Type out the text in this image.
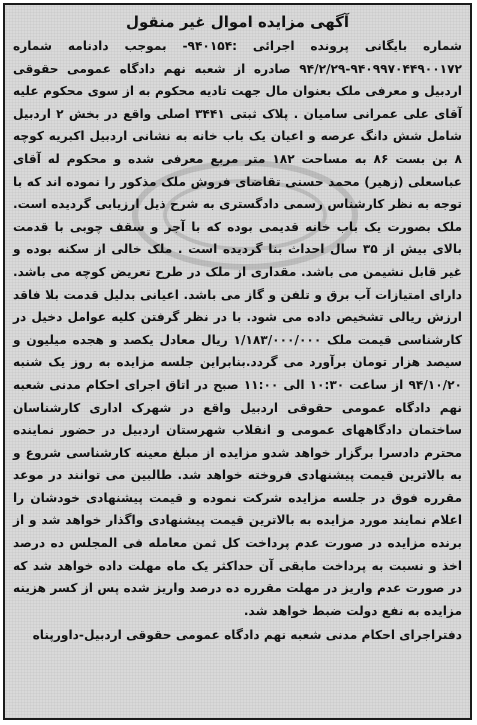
آگهی مزایده اموال غیر منقول

شماره بایگانی پرونده اجرائی :۹۴۰۱۵۴- بموجب دادنامه شماره ۹۴۰۹۹۷۰۴۴۹۰۰۱۷۲-۹۴/۲/۲۹ صادره از شعبه نهم دادگاه عمومی حقوقی اردبیل و معرفی ملک بعنوان مال جهت تادیه محکوم به از سوی محکوم علیه آقای علی عمرانی سامیان . پلاک ثبتی ۳۴۴۱ اصلی واقع در بخش ۲ اردبیل شامل شش دانگ عرصه و اعیان یک باب خانه به نشانی اردبیل اکبریه کوچه ۸ بن بست ۸۶ به مساحت ۱۸۲ متر مربع معرفی شده و محکوم له آقای عباسعلی (زهیر) محمد حسنی تقاضای فروش ملک مذکور را نموده اند که با توجه به نظر کارشناس رسمی دادگستری به شرح ذیل ارزیابی گردیده است. ملک بصورت یک باب خانه قدیمی بوده که با آجر و سقف چوبی با قدمت بالای بیش از ۳۵ سال احداث بنا گردیده است . ملک خالی از سکنه بوده و غیر قابل نشیمن می باشد. مقداری از ملک در طرح تعریض کوچه می باشد. دارای امتیازات آب برق و تلفن و گاز می باشد. اعیانی بدلیل قدمت بلا فاقد ارزش ریالی تشخیص داده می شود. با در نظر گرفتن کلیه عوامل دخیل در کارشناسی قیمت ملک ۱/۱۸۳/۰۰۰/۰۰۰ ریال معادل یکصد و هجده میلیون و سیصد هزار تومان برآورد می گردد.بنابراین جلسه مزایده به روز یک شنبه ۹۴/۱۰/۲۰ از ساعت ۱۰:۳۰ الی ۱۱:۰۰ صبح در اتاق اجرای احکام مدنی شعبه نهم دادگاه عمومی حقوقی اردبیل واقع در شهرک اداری کارشناسان ساختمان دادگاههای عمومی و انقلاب شهرستان اردبیل در حضور نماینده محترم دادسرا برگزار خواهد شدو مزایده از مبلغ معینه کارشناسی شروع و به بالاترین قیمت پیشنهادی فروخته خواهد شد. طالبین می توانند در موعد مقرره فوق در جلسه مزایده شرکت نموده و قیمت پیشنهادی خودشان را اعلام نمایند مورد مزایده به بالاترین قیمت پیشنهادی واگذار خواهد شد و از برنده مزایده در صورت عدم پرداخت کل ثمن معامله فی المجلس ده درصد اخذ و نسبت به پرداخت مابقی آن حداکثر یک ماه مهلت داده خواهد شد که در صورت عدم واریز در مهلت مقرره ده درصد واریز شده پس از کسر هزینه مزایده به نفع دولت ضبط خواهد شد.

دفتراجرای احکام مدنی شعبه نهم دادگاه عمومی حقوقی اردبیل-داورپناه
